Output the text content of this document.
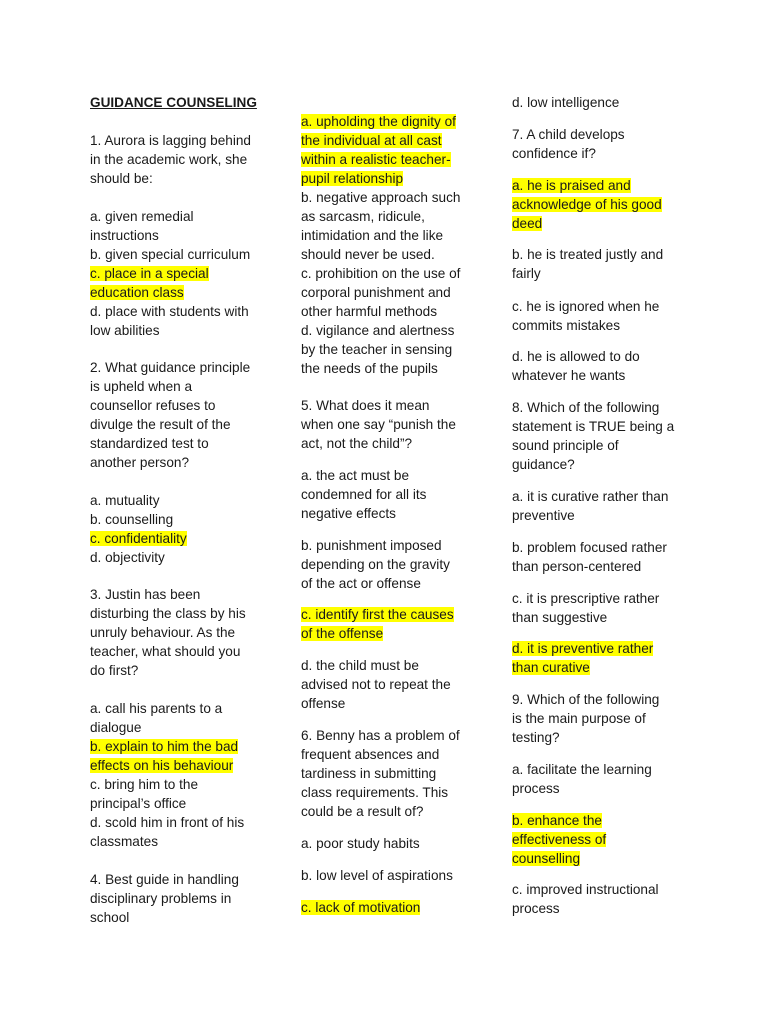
GUIDANCE COUNSELING
1. Aurora is lagging behind
in the academic work, she
should be:
a. given remedial
instructions
b. given special curriculum
c. place in a special
education class
d. place with students with
low abilities
2. What guidance principle
is upheld when a
counsellor refuses to
divulge the result of the
standardized test to
another person?
a. mutuality
b. counselling
c. confidentiality
d. objectivity
3. Justin has been
disturbing the class by his
unruly behaviour. As the
teacher, what should you
do first?
a. call his parents to a
dialogue
b. explain to him the bad
effects on his behaviour
c. bring him to the
principal’s office
d. scold him in front of his
classmates
4. Best guide in handling
disciplinary problems in
school
a. upholding the dignity of
the individual at all cast
within a realistic teacher-
pupil relationship
b. negative approach such
as sarcasm, ridicule,
intimidation and the like
should never be used.
c. prohibition on the use of
corporal punishment and
other harmful methods
d. vigilance and alertness
by the teacher in sensing
the needs of the pupils
5. What does it mean
when one say “punish the
act, not the child”?
a. the act must be
condemned for all its
negative effects
b. punishment imposed
depending on the gravity
of the act or offense
c. identify first the causes
of the offense
d. the child must be
advised not to repeat the
offense
6. Benny has a problem of
frequent absences and
tardiness in submitting
class requirements. This
could be a result of?
a. poor study habits
b. low level of aspirations
c. lack of motivation
d. low intelligence
7. A child develops
confidence if?
a. he is praised and
acknowledge of his good
deed
b. he is treated justly and
fairly
c. he is ignored when he
commits mistakes
d. he is allowed to do
whatever he wants
8. Which of the following
statement is TRUE being a
sound principle of
guidance?
a. it is curative rather than
preventive
b. problem focused rather
than person-centered
c. it is prescriptive rather
than suggestive
d. it is preventive rather
than curative
9. Which of the following
is the main purpose of
testing?
a. facilitate the learning
process
b. enhance the
effectiveness of
counselling
c. improved instructional
process
